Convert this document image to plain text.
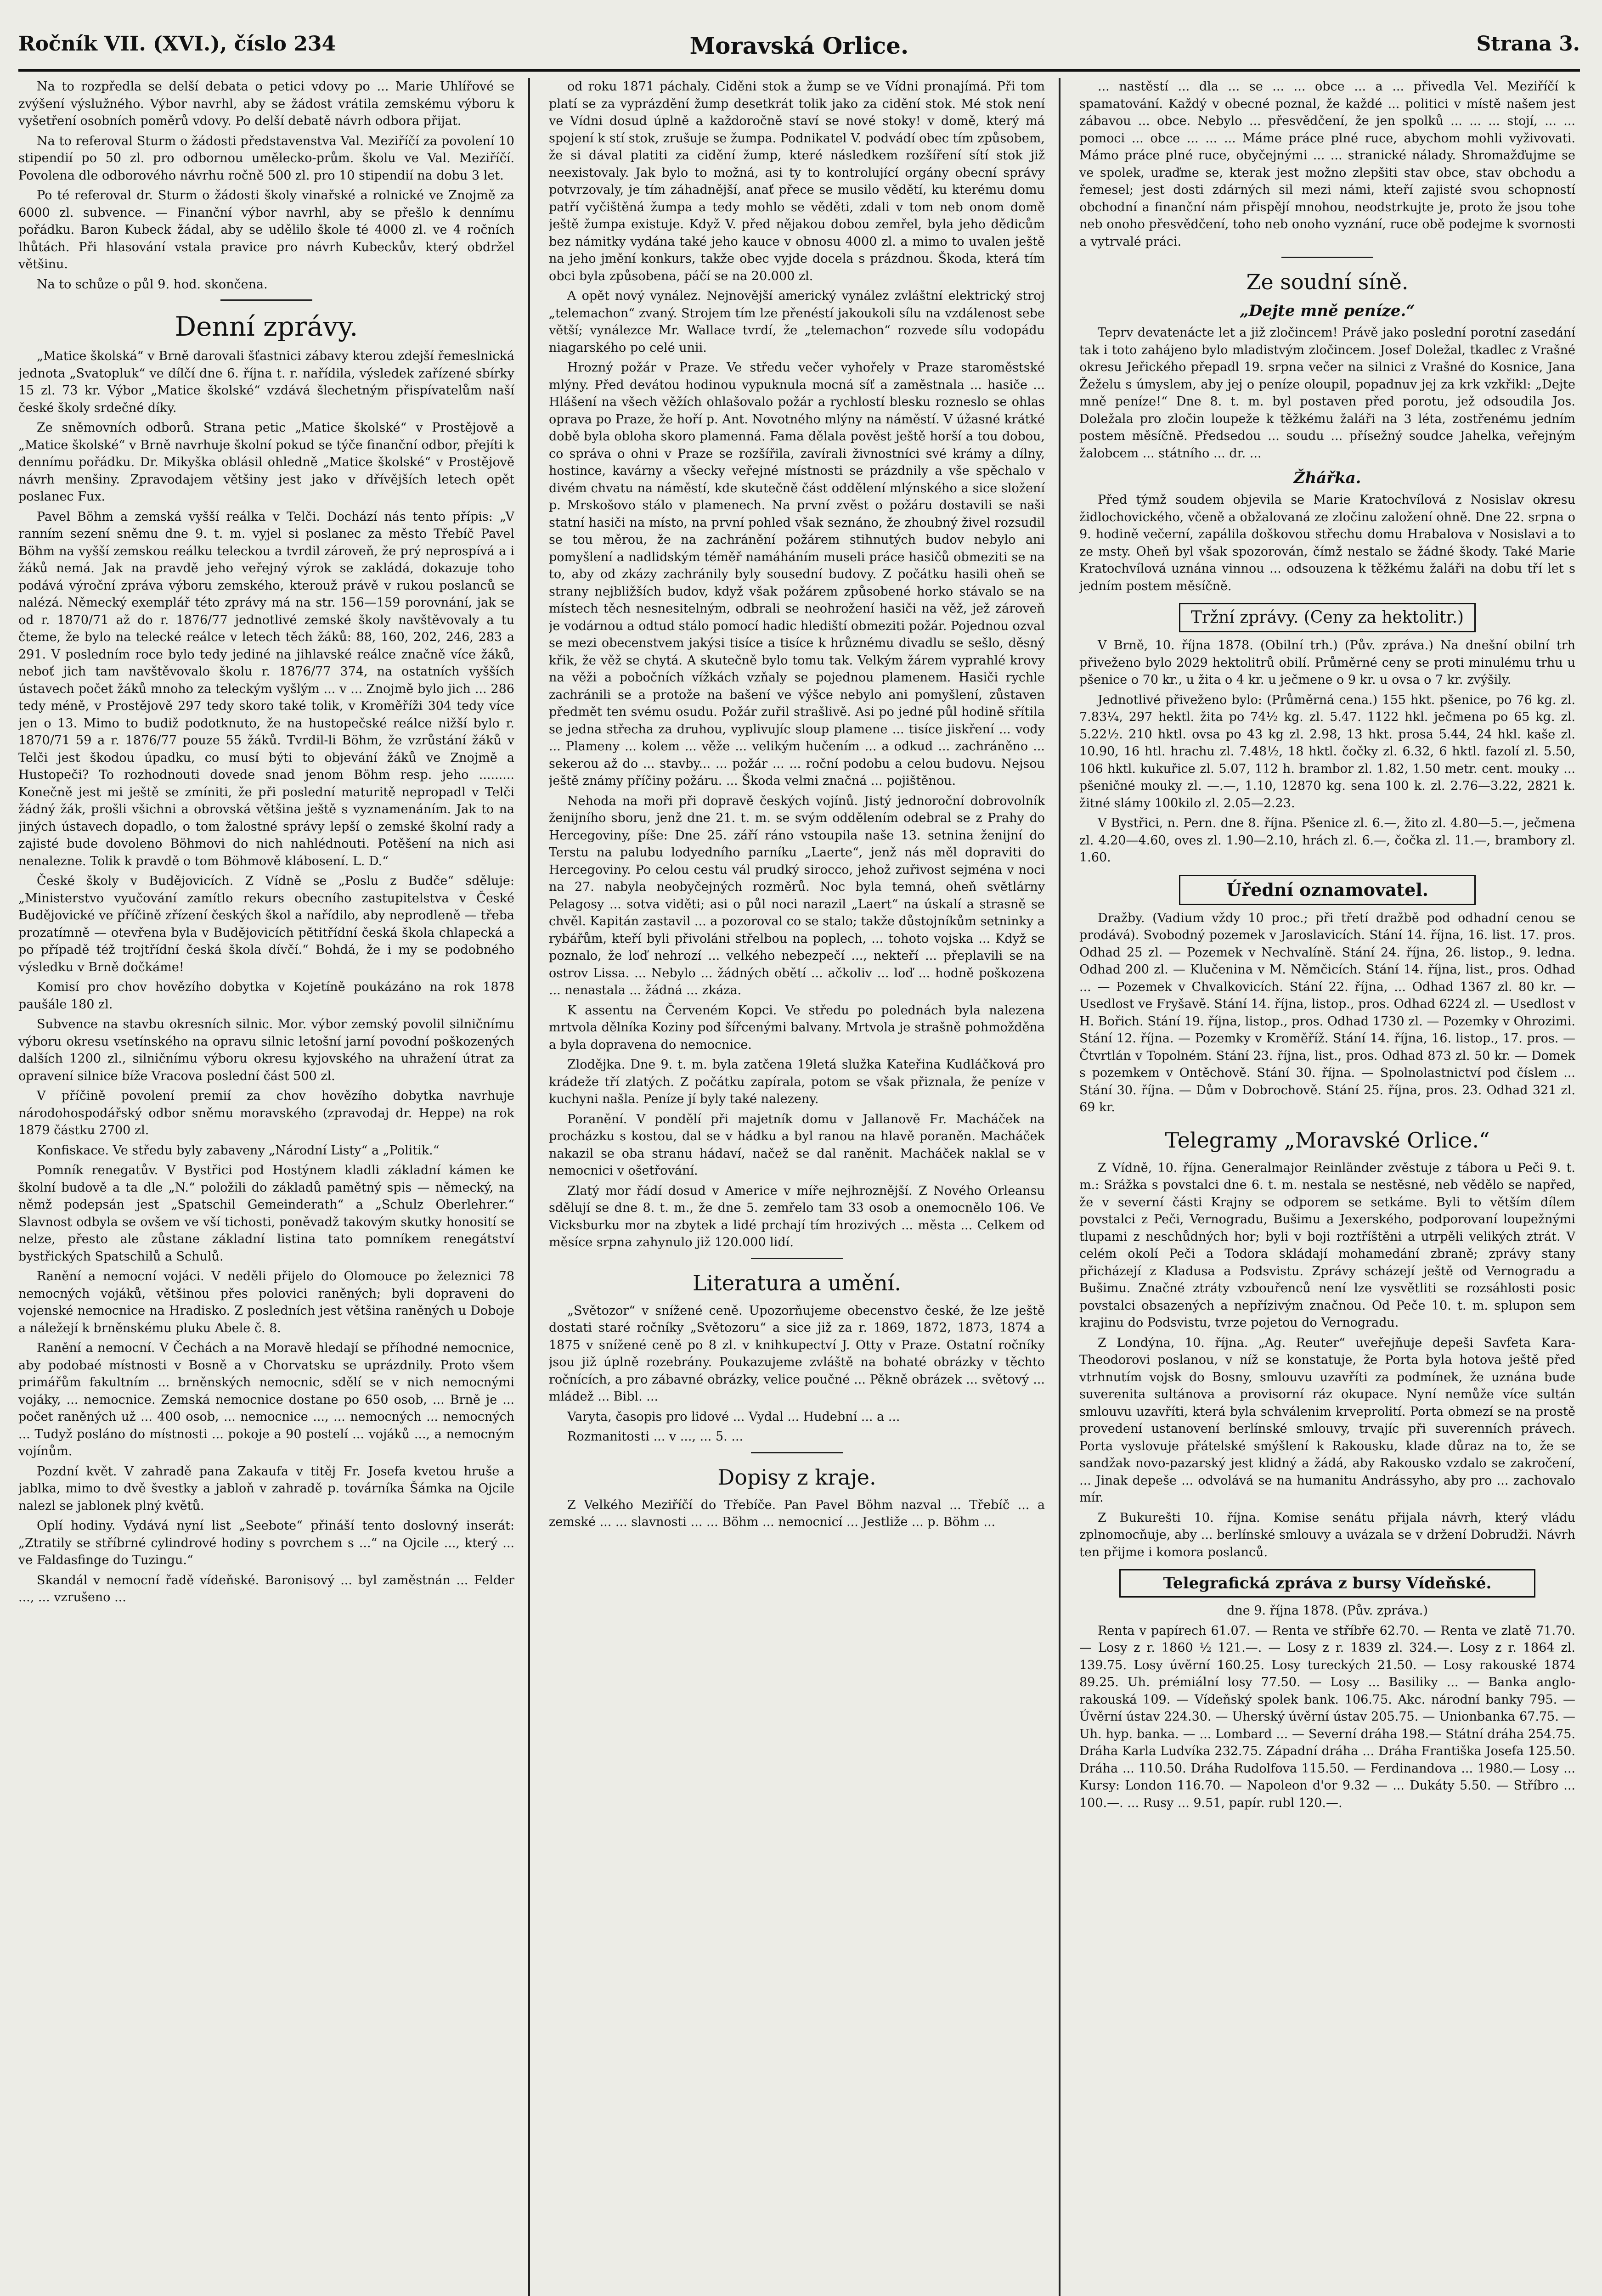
Moravská Orlice.
Ročník VII. (XVI.), číslo 234	Strana 3.

Na to rozpředla se delší debata o petici vdovy po ... Marie Uhlířové se zvýšení výslužného. Výbor navrhl, aby se žádost vrátila zemskému výboru k vyšetření osobních poměrů vdovy. Po delší debatě návrh odbora přijat.

Na to referoval Sturm o žádosti představenstva Val. Meziříčí za povolení 10 stipendií po 50 zl. pro odbornou umělecko-prům. školu ve Val. Meziříčí. Povolena dle odborového návrhu ročně 500 zl. pro 10 stipendií na dobu 3 let.

Po té referoval dr. Sturm o žádosti školy vinařské a rolnické ve Znojmě za 6000 zl. subvence. — Finanční výbor navrhl, aby se přešlo k dennímu pořádku. Baron Kubeck žádal, aby se udělilo škole té 4000 zl. ve 4 ročních lhůtách. Při hlasování vstala pravice pro návrh Kubeckův, který obdržel většinu.

Na to schůze o půl 9. hod. skončena.

Denní zprávy.

„Matice školská“ v Brně darovali šťastnici zábavy kterou zdejší řemeslnická jednota „Svatopluk“ ve dílčí dne 6. října t. r. nařídila, výsledek zařízené sbírky 15 zl. 73 kr. Výbor „Matice školské“ vzdává šlechetným přispívatelům naší české školy srdečné díky.

Ze sněmovních odborů. Strana petic „Matice školské“ v Prostějově a „Matice školské“ v Brně navrhuje školní pokud se týče finanční odbor, přejíti k dennímu pořádku. Dr. Mikyška oblásil ohledně „Matice školské“ v Prostějově návrh menšiny. Zpravodajem většiny jest jako v dřívějších letech opět poslanec Fux.

Pavel Böhm a zemská vyšší reálka v Telči. Dochází nás tento přípis: „V ranním sezení sněmu dne 9. t. m. vyjel si poslanec za město Třebíč Pavel Böhm na vyšší zemskou reálku teleckou a tvrdil zároveň, že prý neprospívá a i žáků nemá. Jak na pravdě jeho veřejný výrok se zakládá, dokazuje toho podává výroční zpráva výboru zemského, kterouž právě v rukou poslanců se nalézá. Německý exemplář této zprávy má na str. 156—159 porovnání, jak se od r. 1870/71 až do r. 1876/77 jednotlivé zemské školy navštěvovaly a tu čteme, že bylo na telecké reálce v letech těch žáků: 88, 160, 202, 246, 283 a 291. V posledním roce bylo tedy jediné na jihlavské reálce značně více žáků, neboť jich tam navštěvovalo školu r. 1876/77 374, na ostatních vyšších ústavech počet žáků mnoho za teleckým vyšlým ... v ... Znojmě bylo jich ... 286 tedy méně, v Prostějově 297 tedy skoro také tolik, v Kroměříži 304 tedy více jen o 13. Mimo to budiž podotknuto, že na hustopečské reálce nižší bylo r. 1870/71 59 a r. 1876/77 pouze 55 žáků. Tvrdil-li Böhm, že vzrůstání žáků v Telči jest škodou úpadku, co musí býti to objevání žáků ve Znojmě a Hustopeči? To rozhodnouti dovede snad jenom Böhm resp. jeho ......... Konečně jest mi ještě se zmíniti, že při poslední maturitě nepropadl v Telči žádný žák, prošli všichni a obrovská většina ještě s vyznamenáním. Jak to na jiných ústavech dopadlo, o tom žalostné správy lepší o zemské školní rady a zajisté bude dovoleno Böhmovi do nich nahlédnouti. Potěšení na nich asi nenalezne. Tolik k pravdě o tom Böhmově klábosení. L. D.“

České školy v Budějovicích. Z Vídně se „Poslu z Budče“ sděluje: „Ministerstvo vyučování zamítlo rekurs obecního zastupitelstva v České Budějovické ve příčině zřízení českých škol a nařídilo, aby neprodleně — třeba prozatímně — otevřena byla v Budějovicích pětitřídní česká škola chlapecká a po případě též trojtřídní česká škola dívčí.“ Bohdá, že i my se podobného výsledku v Brně dočkáme!

Komisí pro chov hovězího dobytka v Kojetíně poukázáno na rok 1878 paušále 180 zl.

Subvence na stavbu okresních silnic. Mor. výbor zemský povolil silničnímu výboru okresu vsetínského na opravu silnic letošní jarní povodní poškozených dalších 1200 zl., silničnímu výboru okresu kyjovského na uhražení útrat za opravení silnice bíže Vracova poslední část 500 zl.

V příčině povolení premií za chov hovězího dobytka navrhuje národohospodářský odbor sněmu moravského (zpravodaj dr. Heppe) na rok 1879 částku 2700 zl.

Konfiskace. Ve středu byly zabaveny „Národní Listy“ a „Politik.“

Pomník renegatův. V Bystřici pod Hostýnem kladli základní kámen ke školní budově a ta dle „N.“ položili do základů pamětný spis — německý, na němž podepsán jest „Spatschil Gemeinderath“ a „Schulz Oberlehrer.“ Slavnost odbyla se ovšem ve vší tichosti, poněvadž takovým skutky honosití se nelze, přesto ale zůstane základní listina tato pomníkem renegátství bystřických Spatschilů a Schulů.

Ranění a nemocní vojáci. V neděli přijelo do Olomouce po železnici 78 nemocných vojáků, většinou přes polovici raněných; byli dopraveni do vojenské nemocnice na Hradisko. Z posledních jest většina raněných u Doboje a náležejí k brněnskému pluku Abele č. 8.

Ranění a nemocní. V Čechách a na Moravě hledají se příhodné nemocnice, aby podobaé místnosti v Bosně a v Chorvatsku se uprázdnily. Proto všem primářům fakultním ... brněnských nemocnic, sdělí se v nich nemocnými vojáky, ... nemocnice. Zemská nemocnice dostane po 650 osob, ... Brně je ... počet raněných už ... 400 osob, ... nemocnice ..., ... nemocných ... nemocných ... Tudyž posláno do místnosti ... pokoje a 90 postelí ... vojáků ..., a nemocným vojínům.

Pozdní květ. V zahradě pana Zakaufa v titěj Fr. Josefa kvetou hruše a jablka, mimo to dvě švestky a jabloň v zahradě p. továrníka Šámka na Ojcile nalezl se jablonek plný květů.

Oplí hodiny. Vydává nyní list „Seebote“ přináší tento doslovný inserát: „Ztratily se stříbrné cylindrové hodiny s povrchem s ...“ na Ojcile ..., který ... ve Faldasfinge do Tuzingu.“

Skandál v nemocní řadě vídeňské. Baronisový ... byl zaměstnán ... Felder ..., ... vzrušeno ...

od roku 1871 páchaly. Ciděni stok a žump se ve Vídni pronajímá. Při tom platí se za vyprázdění žump desetkrát tolik jako za cidění stok. Mé stok není ve Vídni dosud úplně a každoročně staví se nové stoky! v domě, který má spojení k stí stok, zrušuje se žumpa. Podnikatel V. podvádí obec tím způsobem, že si dával platiti za cidění žump, které následkem rozšíření sítí stok již neexistovaly. Jak bylo to možná, asi ty to kontrolující orgány obecní správy potvrzovaly, je tím záhadnější, anať přece se musilo vědětí, ku kterému domu patří vyčištěná žumpa a tedy mohlo se věděti, zdali v tom neb onom domě ještě žumpa existuje. Když V. před nějakou dobou zemřel, byla jeho dědicům bez námitky vydána také jeho kauce v obnosu 4000 zl. a mimo to uvalen ještě na jeho jmění konkurs, takže obec vyjde docela s prázdnou. Škoda, která tím obci byla způsobena, páčí se na 20.000 zl.

A opět nový vynález. Nejnovější americký vynález zvláštní elektrický stroj „telemachon“ zvaný. Strojem tím lze přenéstí jakoukoli sílu na vzdálenost sebe větší; vynálezce Mr. Wallace tvrdí, že „telemachon“ rozvede sílu vodopádu niagarského po celé unii.

Hrozný požár v Praze. Ve středu večer vyhořely v Praze staroměstské mlýny. Před devátou hodinou vypuknula mocná síť a zaměstnala ... hasiče ... Hlášení na všech věžích ohlašovalo požár a rychlostí blesku rozneslo se ohlas oprava po Praze, že hoří p. Ant. Novotného mlýny na náměstí. V úžasné krátké době byla obloha skoro plamenná. Fama dělala pověst ještě horší a tou dobou, co správa o ohni v Praze se rozšířila, zavírali živnostníci své krámy a dílny, hostince, kavárny a všecky veřejné místnosti se prázdnily a vše spěchalo v divém chvatu na náměstí, kde skutečně část oddělení mlýnského a sice složení p. Mrskošovo stálo v plamenech. Na první zvěst o požáru dostavili se naši statní hasiči na místo, na první pohled však seznáno, že zhoubný živel rozsudil se tou měrou, že na zachránění požárem stihnutých budov nebylo ani pomyšlení a nadlidským téměř namáháním museli práce hasičů obmeziti se na to, aby od zkázy zachránily byly sousední budovy. Z počátku hasili oheň se strany nejbližších budov, když však požárem způsobené horko stávalo se na místech těch nesnesitelným, odbrali se neohrožení hasiči na věž, jež zároveň je vodárnou a odtud stálo pomocí hadic hlediští obmeziti požár. Pojednou ozval se mezi obecenstvem jakýsi tisíce a tisíce k hrůznému divadlu se sešlo, děsný křik, že věž se chytá. A skutečně bylo tomu tak. Velkým žárem vyprahlé krovy na věži a pobočních vížkách vzňaly se pojednou plamenem. Hasiči rychle zachránili se a protože na bašení ve výšce nebylo ani pomyšlení, zůstaven předmět ten svému osudu. Požár zuřil strašlivě. Asi po jedné půl hodině sřítila se jedna střecha za druhou, vyplivujíc sloup plamene ... tisíce jiskření ... vody ... Plameny ... kolem ... věže ... velikým hučením ... a odkud ... zachráněno ... sekerou až do ... stavby... ... požár ... ... roční podobu a celou budovu. Nejsou ještě známy příčiny požáru. ... Škoda velmi značná ... pojištěnou.

Nehoda na moři při dopravě českých vojínů. Jistý jednoroční dobrovolník ženijního sboru, jenž dne 21. t. m. se svým oddělením odebral se z Prahy do Hercegoviny, píše: Dne 25. září ráno vstoupila naše 13. setnina ženijní do Terstu na palubu lodyedního parníku „Laerte“, jenž nás měl dopraviti do Hercegoviny. Po celou cestu vál prudký sirocco, jehož zuřivost sejména v noci na 27. nabyla neobyčejných rozměrů. Noc byla temná, oheň světlárny Pelagosy ... sotva viděti; asi o půl noci narazil „Laert“ na úskalí a strasně se chvěl. Kapitán zastavil ... a pozoroval co se stalo; takže důstojníkům setninky a rybářům, kteří byli přivoláni střelbou na poplech, ... tohoto vojska ... Když se poznalo, že loď nehrozí ... velkého nebezpečí ..., nekteří ... přeplavili se na ostrov Lissa. ... Nebylo ... žádných obětí ... ačkoliv ... loď ... hodně poškozena ... nenastala ... žádná ... zkáza.

K assentu na Červeném Kopci. Ve středu po polednách byla nalezena mrtvola dělníka Koziny pod šířcenými balvany. Mrtvola je strašně pohmožděna a byla dopravena do nemocnice.

Zlodějka. Dne 9. t. m. byla zatčena 19letá služka Kateřina Kudláčková pro krádeže tří zlatých. Z počátku zapírala, potom se však přiznala, že peníze v kuchyni našla. Peníze jí byly také nalezeny.

Poranění. V pondělí při majetník domu v Jallanově Fr. Macháček na procházku s kostou, dal se v hádku a byl ranou na hlavě poraněn. Macháček nakazil se oba stranu hádaví, načež se dal raněnit. Macháček naklal se v nemocnici v ošetřování.

Zlatý mor řádí dosud v Americe v míře nejhroznější. Z Nového Orleansu sdělují se dne 8. t. m., že dne 5. zemřelo tam 33 osob a onemocnělo 106. Ve Vicksburku mor na zbytek a lidé prchají tím hrozivých ... města ... Celkem od měsíce srpna zahynulo již 120.000 lidí.

Literatura a umění.

„Světozor“ v snížené ceně. Upozorňujeme obecenstvo české, že lze ještě dostati staré ročníky „Světozoru“ a sice již za r. 1869, 1872, 1873, 1874 a 1875 v snížené ceně po 8 zl. v knihkupectví J. Otty v Praze. Ostatní ročníky jsou již úplně rozebrány. Poukazujeme zvláště na bohaté obrázky v těchto ročnících, a pro zábavné obrázky, velice poučné ... Pěkně obrázek ... světový ... mládež ... Bibl. ...

Varyta, časopis pro lidové ... Vydal ... Hudební ... a ...

Rozmanitosti ... v ..., ... 5. ...

Dopisy z kraje.

Z Velkého Meziříčí do Třebíče. Pan Pavel Böhm nazval ... Třebíč ... a zemské ... ... slavnosti ... ... Böhm ... nemocnicí ... Jestliže ... p. Böhm ...

... nastěstí ... dla ... se ... ... obce ... a ... přivedla Vel. Meziříčí k spamatování. Každý v obecné poznal, že každé ... politici v místě našem jest zábavou ... obce. Nebylo ... přesvědčení, že jen spolků ... ... ... stojí, ... ... pomoci ... obce ... ... ... Máme práce plné ruce, abychom mohli vyživovati. Mámo práce plné ruce, obyčejnými ... ... stranické nálady. Shromažďujme se ve spolek, uraďme se, kterak jest možno zlepšiti stav obce, stav obchodu a řemesel; jest dosti zdárných sil mezi námi, kteří zajisté svou schopností obchodní a finanční nám přispějí mnohou, neodstrkujte je, proto že jsou tohe neb onoho přesvědčení, toho neb onoho vyznání, ruce obě podejme k svornosti a vytrvalé práci.

Ze soudní síně.
„Dejte mně peníze.“

Teprv devatenácte let a již zločincem! Právě jako poslední porotní zasedání tak i toto zahájeno bylo mladistvým zločincem. Josef Doležal, tkadlec z Vrašné okresu Jeřického přepadl 19. srpna večer na silnici z Vrašné do Kosnice, Jana Žeželu s úmyslem, aby jej o peníze oloupil, popadnuv jej za krk vzkřikl: „Dejte mně peníze!“ Dne 8. t. m. byl postaven před porotu, jež odsoudila Jos. Doležala pro zločin loupeže k těžkému žaláři na 3 léta, zostřenému jedním postem měsíčně. Předsedou ... soudu ... přísežný soudce Jahelka, veřejným žalobcem ... státního ... dr. ...

Žhářka.

Před týmž soudem objevila se Marie Kratochvílová z Nosislav okresu židlochovického, včeně a obžalovaná ze zločinu založení ohně. Dne 22. srpna o 9. hodině večerní, zapálila doškovou střechu domu Hrabalova v Nosislavi a to ze msty. Oheň byl však spozorován, čímž nestalo se žádné škody. Také Marie Kratochvílová uznána vinnou ... odsouzena k těžkému žaláři na dobu tří let s jedním postem měsíčně.

Tržní zprávy. (Ceny za hektolitr.)

V Brně, 10. října 1878. (Obilní trh.) (Pův. zpráva.) Na dnešní obilní trh přiveženo bylo 2029 hektolitrů obilí. Průměrné ceny se proti minulému trhu u pšenice o 70 kr., u žita o 4 kr. u ječmene o 9 kr. u ovsa o 7 kr. zvýšily.

Jednotlivé přiveženo bylo: (Průměrná cena.) 155 hkt. pšenice, po 76 kg. zl. 7.83¼, 297 hektl. žita po 74½ kg. zl. 5.47. 1122 hkl. ječmena po 65 kg. zl. 5.22½. 210 hktl. ovsa po 43 kg zl. 2.98, 13 hkt. prosa 5.44, 24 hkl. kaše zl. 10.90, 16 htl. hrachu zl. 7.48½, 18 hktl. čočky zl. 6.32, 6 hktl. fazolí zl. 5.50, 106 hktl. kukuřice zl. 5.07, 112 h. brambor zl. 1.82, 1.50 metr. cent. mouky ... pšeničné mouky zl. —.—, 1.10, 12870 kg. sena 100 k. zl. 2.76—3.22, 2821 k. žitné slámy 100kilo zl. 2.05—2.23.

V Bystřici, n. Pern. dne 8. října. Pšenice zl. 6.—, žito zl. 4.80—5.—, ječmena zl. 4.20—4.60, oves zl. 1.90—2.10, hrách zl. 6.—, čočka zl. 11.—, brambory zl. 1.60.

Úřední oznamovatel.

Dražby. (Vadium vždy 10 proc.; při třetí dražbě pod odhadní cenou se prodává). Svobodný pozemek v Jaroslavicích. Stání 14. října, 16. list. 17. pros. Odhad 25 zl. — Pozemek v Nechvalíně. Stání 24. října, 26. listop., 9. ledna. Odhad 200 zl. — Klučenina v M. Němčicích. Stání 14. října, list., pros. Odhad ... — Pozemek v Chvalkovicích. Stání 22. října, ... Odhad 1367 zl. 80 kr. — Usedlost ve Fryšavě. Stání 14. října, listop., pros. Odhad 6224 zl. — Usedlost v H. Bořich. Stání 19. října, listop., pros. Odhad 1730 zl. — Pozemky v Ohrozimi. Stání 12. října. — Pozemky v Kroměříž. Stání 14. října, 16. listop., 17. pros. — Čtvrtlán v Topolném. Stání 23. října, list., pros. Odhad 873 zl. 50 kr. — Domek s pozemkem v Ontěchově. Stání 30. října. — Spolnolastnictví pod číslem ... Stání 30. října. — Dům v Dobrochově. Stání 25. října, pros. 23. Odhad 321 zl. 69 kr.

Telegramy „Moravské Orlice.“

Z Vídně, 10. října. Generalmajor Reinländer zvěstuje z tábora u Peči 9. t. m.: Srážka s povstalci dne 6. t. m. nestala se nestěsné, neb vědělo se napřed, že v severní části Krajny se odporem se setkáme. Byli to větším dílem povstalci z Peči, Vernogradu, Bušimu a Jexerského, podporovaní loupežnými tlupami z neschůdných hor; byli v boji roztříštěni a utrpěli velikých ztrát. V celém okolí Peči a Todora skládají mohamedání zbraně; zprávy stany přicházejí z Kladusa a Podsvistu. Zprávy scházejí ještě od Vernogradu a Bušimu. Značné ztráty vzbouřenců není lze vysvětliti se rozsáhlosti posic povstalci obsazených a nepřízivým značnou. Od Peče 10. t. m. splupon sem krajinu do Podsvistu, tvrze pojetou do Vernogradu.

Z Londýna, 10. října. „Ag. Reuter“ uveřejňuje depeši Savfeta Kara-Theodorovi poslanou, v níž se konstatuje, že Porta byla hotova ještě před vtrhnutím vojsk do Bosny, smlouvu uzavříti za podmínek, že uznána bude suverenita sultánova a provisorní ráz okupace. Nyní nemůže více sultán smlouvu uzavříti, která byla schválenim krveprolití. Porta obmezí se na prostě provedení ustanovení berlínské smlouvy, trvajíc při suverenních právech. Porta vyslovuje přátelské smýšlení k Rakousku, klade důraz na to, že se sandžak novo-pazarský jest klidný a žádá, aby Rakousko vzdalo se zakročení, ... Jinak depeše ... odvolává se na humanitu Andrássyho, aby pro ... zachovalo mír.

Z Bukurešti 10. října. Komise senátu přijala návrh, který vládu zplnomocňuje, aby ... berlínské smlouvy a uvázala se v držení Dobrudži. Návrh ten přijme i komora poslanců.

Telegrafická zpráva z bursy Vídeňské.

dne 9. října 1878. (Pův. zpráva.)

Renta v papírech 61.07. — Renta ve stříbře 62.70. — Renta ve zlatě 71.70. — Losy z r. 1860 ½ 121.—. — Losy z r. 1839 zl. 324.—. Losy z r. 1864 zl. 139.75. Losy úvěrní 160.25. Losy tureckých 21.50. — Losy rakouské 1874 89.25. Uh. prémiální losy 77.50. — Losy ... Basiliky ... — Banka anglo-rakouská 109. — Vídeňský spolek bank. 106.75. Akc. národní banky 795. — Úvěrní ústav 224.30. — Uherský úvěrní ústav 205.75. — Unionbanka 67.75. — Uh. hyp. banka. — ... Lombard ... — Severní dráha 198.— Státní dráha 254.75. Dráha Karla Ludvíka 232.75. Západní dráha ... Dráha Františka Josefa 125.50. Dráha ... 110.50. Dráha Rudolfova 115.50. — Ferdinandova ... 1980.— Losy ... Kursy: London 116.70. — Napoleon d'or 9.32 — ... Dukáty 5.50. — Stříbro ... 100.—. ... Rusy ... 9.51, papír. rubl 120.—.
